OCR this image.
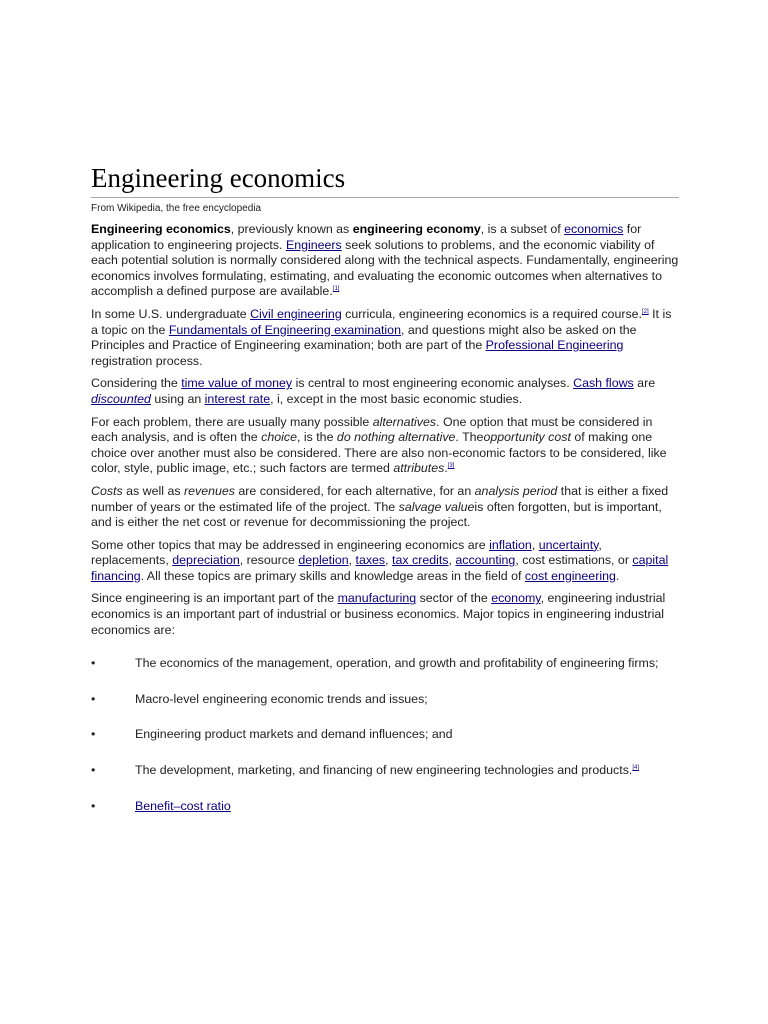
Engineering economics
From Wikipedia, the free encyclopedia

Engineering economics, previously known as engineering economy, is a subset of economics for application to engineering projects. Engineers seek solutions to problems, and the economic viability of each potential solution is normally considered along with the technical aspects. Fundamentally, engineering economics involves formulating, estimating, and evaluating the economic outcomes when alternatives to accomplish a defined purpose are available.[1]

In some U.S. undergraduate Civil engineering curricula, engineering economics is a required course.[2] It is a topic on the Fundamentals of Engineering examination, and questions might also be asked on the Principles and Practice of Engineering examination; both are part of the Professional Engineering registration process.

Considering the time value of money is central to most engineering economic analyses. Cash flows are discounted using an interest rate, i, except in the most basic economic studies.

For each problem, there are usually many possible alternatives. One option that must be considered in each analysis, and is often the choice, is the do nothing alternative. Theopportunity cost of making one choice over another must also be considered. There are also non-economic factors to be considered, like color, style, public image, etc.; such factors are termed attributes.[3]

Costs as well as revenues are considered, for each alternative, for an analysis period that is either a fixed number of years or the estimated life of the project. The salvage valueis often forgotten, but is important, and is either the net cost or revenue for decommissioning the project.

Some other topics that may be addressed in engineering economics are inflation, uncertainty, replacements, depreciation, resource depletion, taxes, tax credits, accounting, cost estimations, or capital financing. All these topics are primary skills and knowledge areas in the field of cost engineering.

Since engineering is an important part of the manufacturing sector of the economy, engineering industrial economics is an important part of industrial or business economics. Major topics in engineering industrial economics are:

•	The economics of the management, operation, and growth and profitability of engineering firms;
•	Macro-level engineering economic trends and issues;
•	Engineering product markets and demand influences; and
•	The development, marketing, and financing of new engineering technologies and products.[4]
•	Benefit–cost ratio
